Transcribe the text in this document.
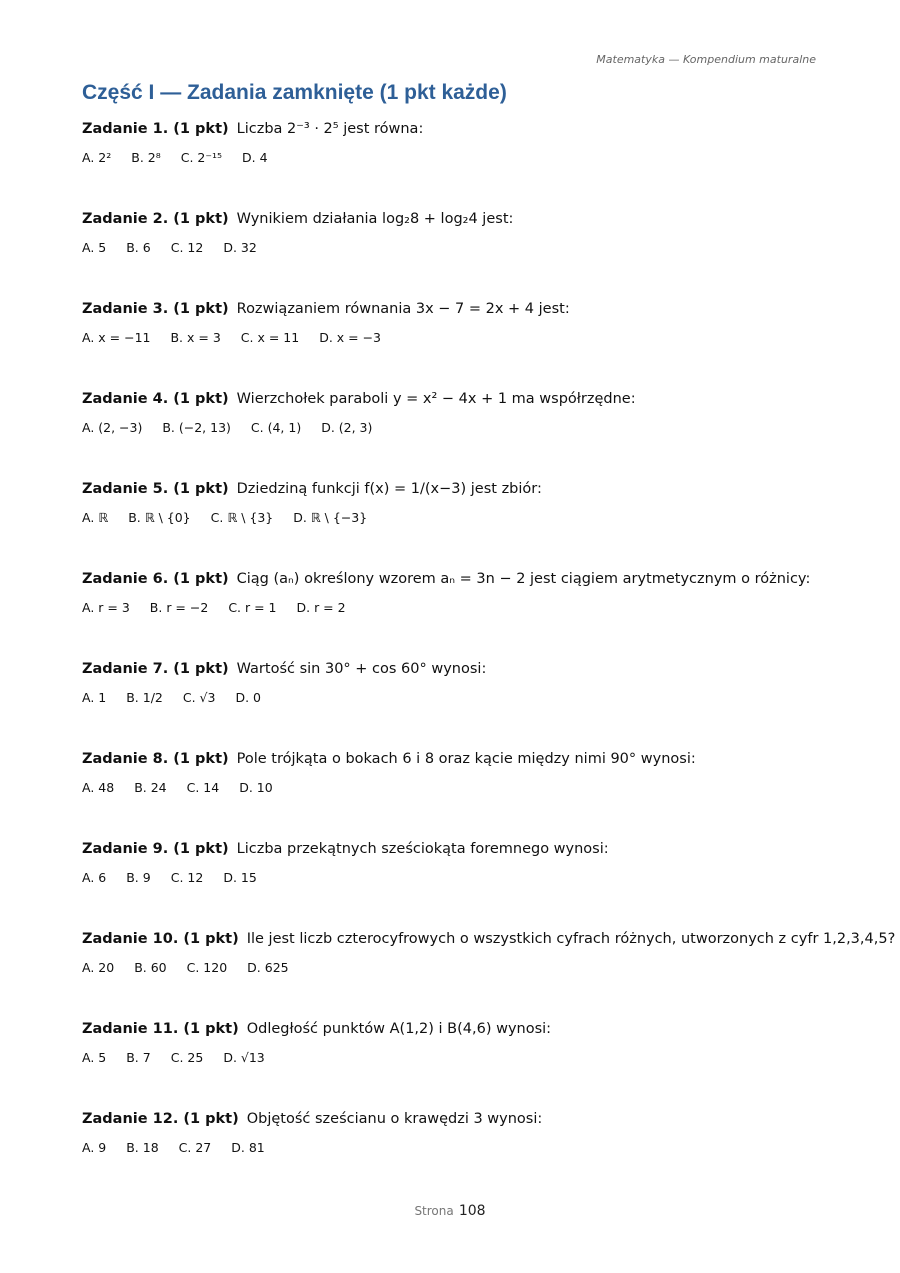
Matematyka — Kompendium maturalne
Część I — Zadania zamknięte (1 pkt każde)
Zadanie 1. (1 pkt) Liczba 2⁻³ · 2⁵ jest równa:
A. 2² B. 2⁸ C. 2⁻¹⁵ D. 4
Zadanie 2. (1 pkt) Wynikiem działania log₂8 + log₂4 jest:
A. 5 B. 6 C. 12 D. 32
Zadanie 3. (1 pkt) Rozwiązaniem równania 3x − 7 = 2x + 4 jest:
A. x = −11 B. x = 3 C. x = 11 D. x = −3
Zadanie 4. (1 pkt) Wierzchołek paraboli y = x² − 4x + 1 ma współrzędne:
A. (2, −3) B. (−2, 13) C. (4, 1) D. (2, 3)
Zadanie 5. (1 pkt) Dziedziną funkcji f(x) = 1/(x−3) jest zbiór:
A. ℝ B. ℝ \ {0} C. ℝ \ {3} D. ℝ \ {−3}
Zadanie 6. (1 pkt) Ciąg (aₙ) określony wzorem aₙ = 3n − 2 jest ciągiem arytmetycznym o różnicy:
A. r = 3 B. r = −2 C. r = 1 D. r = 2
Zadanie 7. (1 pkt) Wartość sin 30° + cos 60° wynosi:
A. 1 B. 1/2 C. √3 D. 0
Zadanie 8. (1 pkt) Pole trójkąta o bokach 6 i 8 oraz kącie między nimi 90° wynosi:
A. 48 B. 24 C. 14 D. 10
Zadanie 9. (1 pkt) Liczba przekątnych sześciokąta foremnego wynosi:
A. 6 B. 9 C. 12 D. 15
Zadanie 10. (1 pkt) Ile jest liczb czterocyfrowych o wszystkich cyfrach różnych, utworzonych z cyfr 1,2,3,4,5?
A. 20 B. 60 C. 120 D. 625
Zadanie 11. (1 pkt) Odległość punktów A(1,2) i B(4,6) wynosi:
A. 5 B. 7 C. 25 D. √13
Zadanie 12. (1 pkt) Objętość sześcianu o krawędzi 3 wynosi:
A. 9 B. 18 C. 27 D. 81
Strona 108
